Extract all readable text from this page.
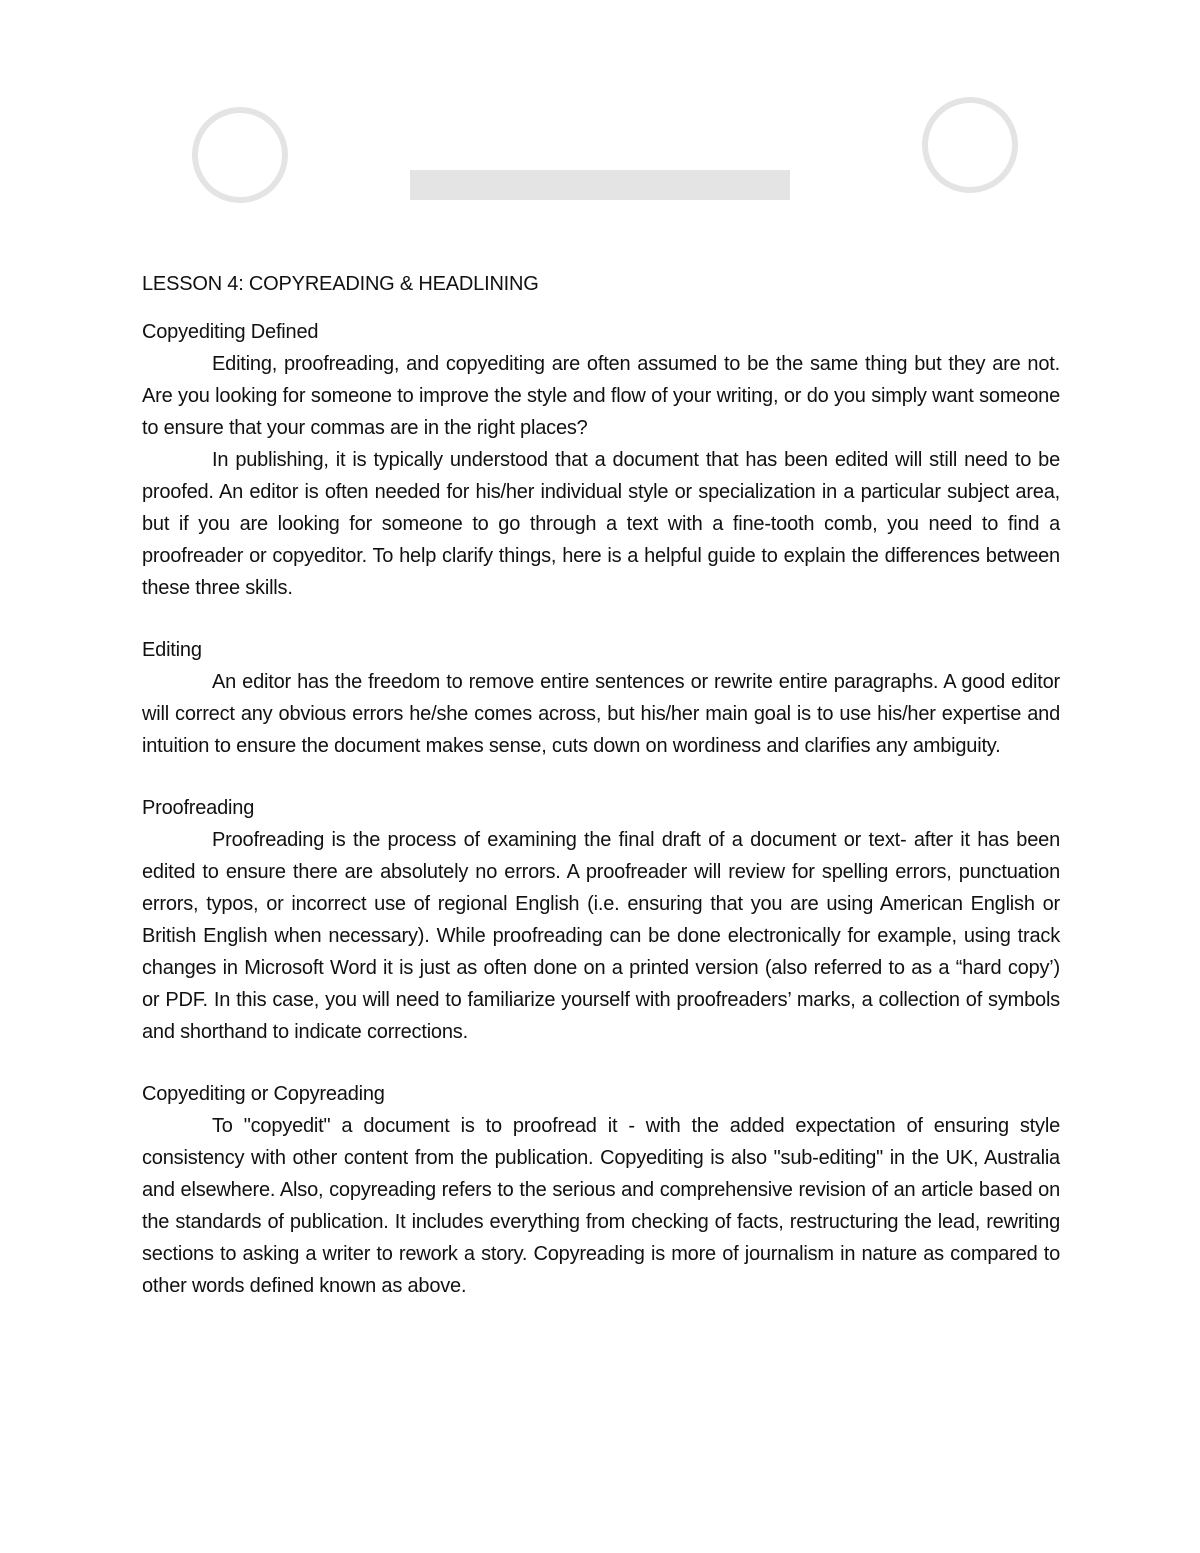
LESSON 4: COPYREADING & HEADLINING
Copyediting Defined

Editing, proofreading, and copyediting are often assumed to be the same thing but they are not. Are you looking for someone to improve the style and flow of your writing, or do you simply want someone to ensure that your commas are in the right places?

In publishing, it is typically understood that a document that has been edited will still need to be proofed. An editor is often needed for his/her individual style or specialization in a particular subject area, but if you are looking for someone to go through a text with a fine-tooth comb, you need to find a proofreader or copyeditor. To help clarify things, here is a helpful guide to explain the differences between these three skills.

Editing

An editor has the freedom to remove entire sentences or rewrite entire paragraphs. A good editor will correct any obvious errors he/she comes across, but his/her main goal is to use his/her expertise and intuition to ensure the document makes sense, cuts down on wordiness and clarifies any ambiguity.

Proofreading

Proofreading is the process of examining the final draft of a document or text- after it has been edited to ensure there are absolutely no errors. A proofreader will review for spelling errors, punctuation errors, typos, or incorrect use of regional English (i.e. ensuring that you are using American English or British English when necessary). While proofreading can be done electronically for example, using track changes in Microsoft Word it is just as often done on a printed version (also referred to as a “hard copy’) or PDF. In this case, you will need to familiarize yourself with proofreaders’ marks, a collection of symbols and shorthand to indicate corrections.

Copyediting or Copyreading

To "copyedit" a document is to proofread it - with the added expectation of ensuring style consistency with other content from the publication. Copyediting is also "sub-editing" in the UK, Australia and elsewhere. Also, copyreading refers to the serious and comprehensive revision of an article based on the standards of publication. It includes everything from checking of facts, restructuring the lead, rewriting sections to asking a writer to rework a story. Copyreading is more of journalism in nature as compared to other words defined known as above.
